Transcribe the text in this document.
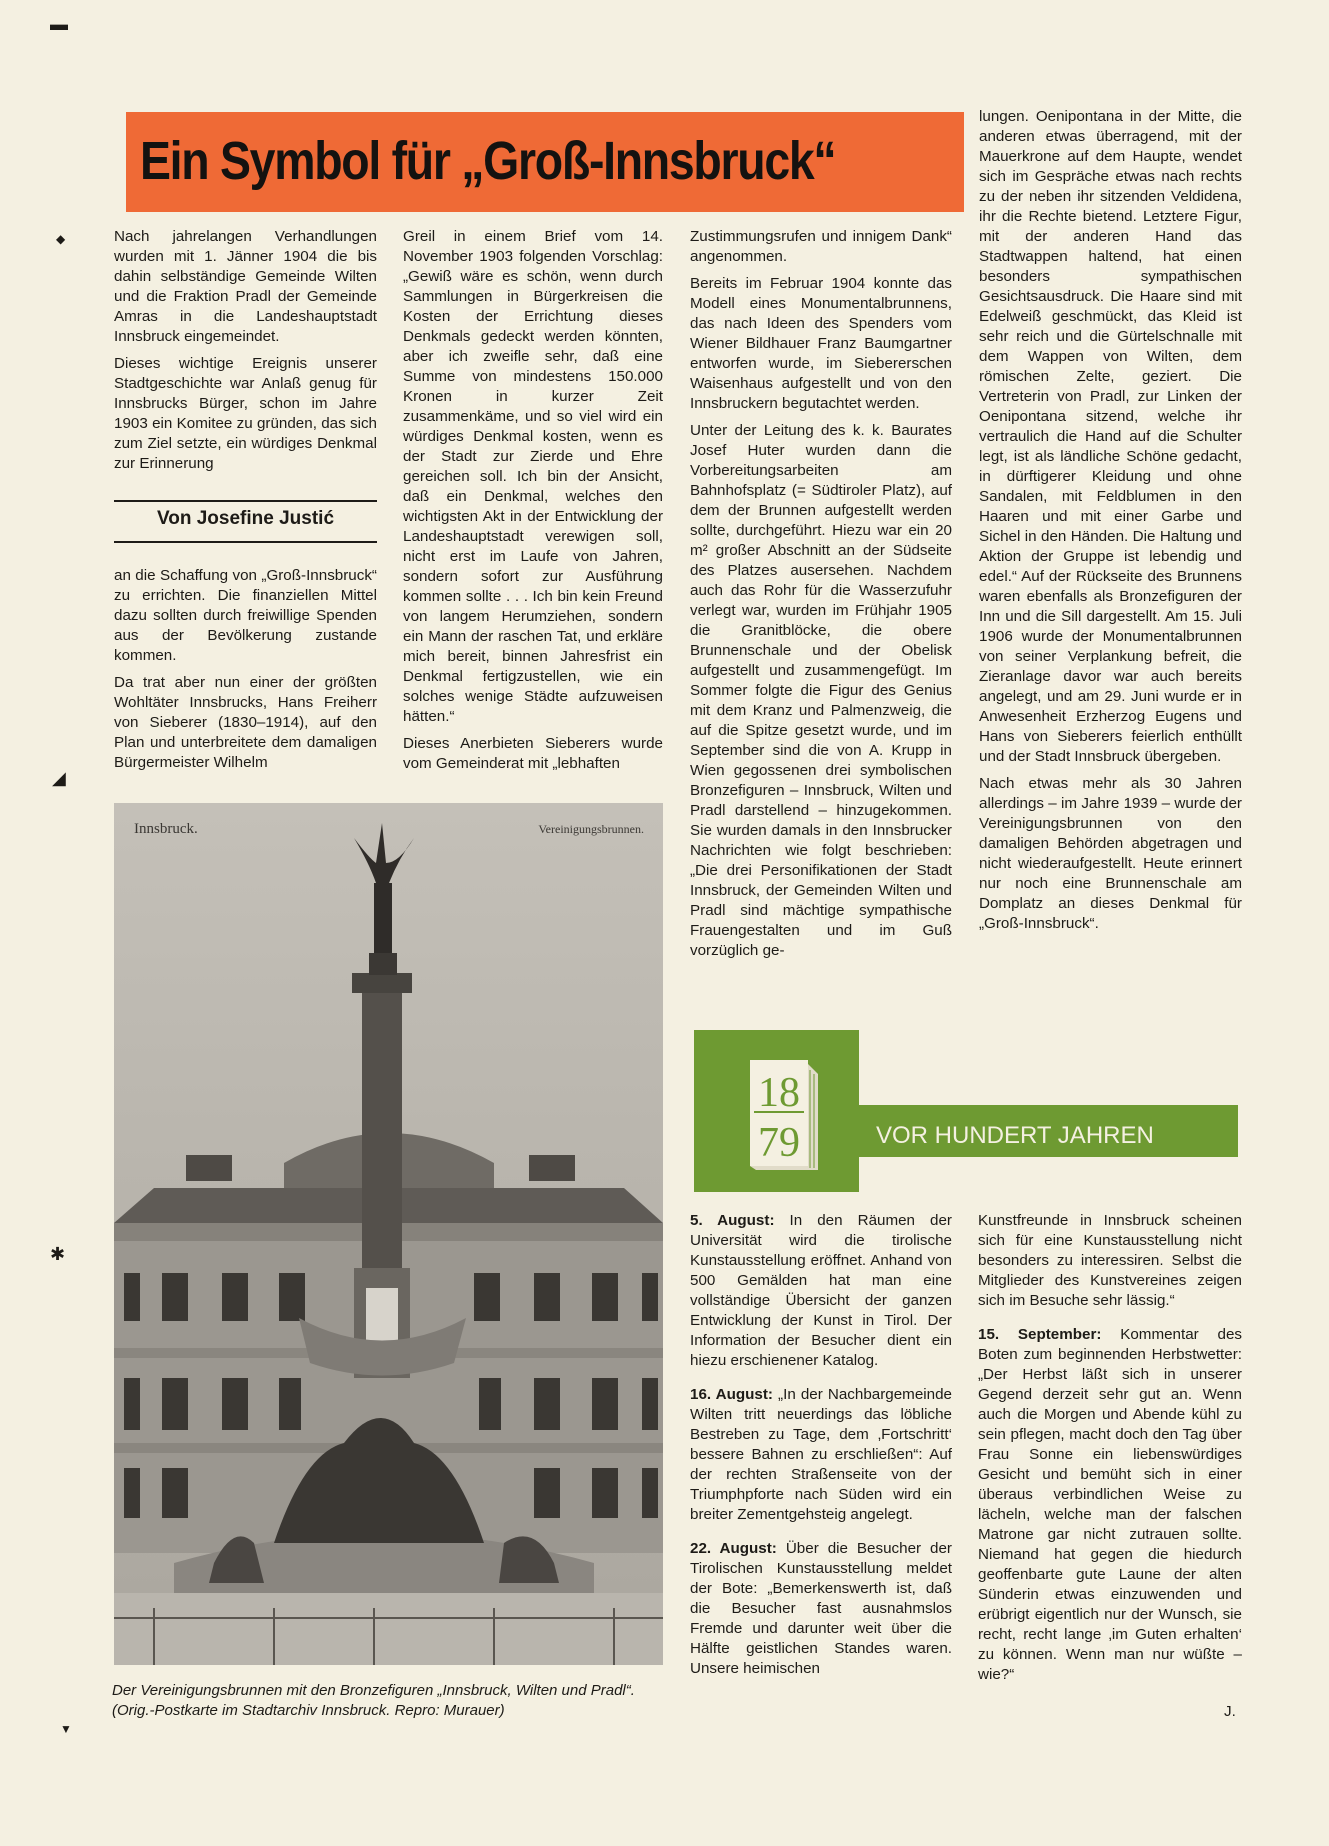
Ein Symbol für „Groß-Innsbruck“

Nach jahrelangen Verhandlungen wurden mit 1. Jänner 1904 die bis dahin selbständige Gemeinde Wilten und die Fraktion Pradl der Gemeinde Amras in die Landeshauptstadt Innsbruck eingemeindet.

Dieses wichtige Ereignis unserer Stadtgeschichte war Anlaß genug für Innsbrucks Bürger, schon im Jahre 1903 ein Komitee zu gründen, das sich zum Ziel setzte, ein würdiges Denkmal zur Erinnerung

Von Josefine Justić

an die Schaffung von „Groß-Innsbruck“ zu errichten. Die finanziellen Mittel dazu sollten durch freiwillige Spenden aus der Bevölkerung zustande kommen.

Da trat aber nun einer der größten Wohltäter Innsbrucks, Hans Freiherr von Sieberer (1830–1914), auf den Plan und unterbreitete dem damaligen Bürgermeister Wilhelm

Greil in einem Brief vom 14. November 1903 folgenden Vorschlag: „Gewiß wäre es schön, wenn durch Sammlungen in Bürgerkreisen die Kosten der Errichtung dieses Denkmals gedeckt werden könnten, aber ich zweifle sehr, daß eine Summe von mindestens 150.000 Kronen in kurzer Zeit zusammenkäme, und so viel wird ein würdiges Denkmal kosten, wenn es der Stadt zur Zierde und Ehre gereichen soll. Ich bin der Ansicht, daß ein Denkmal, welches den wichtigsten Akt in der Entwicklung der Landeshauptstadt verewigen soll, nicht erst im Laufe von Jahren, sondern sofort zur Ausführung kommen sollte . . . Ich bin kein Freund von langem Herumziehen, sondern ein Mann der raschen Tat, und erkläre mich bereit, binnen Jahresfrist ein Denkmal fertigzustellen, wie ein solches wenige Städte aufzuweisen hätten.“

Dieses Anerbieten Sieberers wurde vom Gemeinderat mit „lebhaften

Zustimmungsrufen und innigem Dank“ angenommen.

Bereits im Februar 1904 konnte das Modell eines Monumentalbrunnens, das nach Ideen des Spenders vom Wiener Bildhauer Franz Baumgartner entworfen wurde, im Siebererschen Waisenhaus aufgestellt und von den Innsbruckern begutachtet werden.

Unter der Leitung des k. k. Baurates Josef Huter wurden dann die Vorbereitungsarbeiten am Bahnhofsplatz (= Südtiroler Platz), auf dem der Brunnen aufgestellt werden sollte, durchgeführt. Hiezu war ein 20 m² großer Abschnitt an der Südseite des Platzes ausersehen. Nachdem auch das Rohr für die Wasserzufuhr verlegt war, wurden im Frühjahr 1905 die Granitblöcke, die obere Brunnenschale und der Obelisk aufgestellt und zusammengefügt. Im Sommer folgte die Figur des Genius mit dem Kranz und Palmenzweig, die auf die Spitze gesetzt wurde, und im September sind die von A. Krupp in Wien gegossenen drei symbolischen Bronzefiguren – Innsbruck, Wilten und Pradl darstellend – hinzugekommen. Sie wurden damals in den Innsbrucker Nachrichten wie folgt beschrieben: „Die drei Personifikationen der Stadt Innsbruck, der Gemeinden Wilten und Pradl sind mächtige sympathische Frauengestalten und im Guß vorzüglich ge-

lungen. Oenipontana in der Mitte, die anderen etwas überragend, mit der Mauerkrone auf dem Haupte, wendet sich im Gespräche etwas nach rechts zu der neben ihr sitzenden Veldidena, ihr die Rechte bietend. Letztere Figur, mit der anderen Hand das Stadtwappen haltend, hat einen besonders sympathischen Gesichtsausdruck. Die Haare sind mit Edelweiß geschmückt, das Kleid ist sehr reich und die Gürtelschnalle mit dem Wappen von Wilten, dem römischen Zelte, geziert. Die Vertreterin von Pradl, zur Linken der Oenipontana sitzend, welche ihr vertraulich die Hand auf die Schulter legt, ist als ländliche Schöne gedacht, in dürftigerer Kleidung und ohne Sandalen, mit Feldblumen in den Haaren und mit einer Garbe und Sichel in den Händen. Die Haltung und Aktion der Gruppe ist lebendig und edel.“ Auf der Rückseite des Brunnens waren ebenfalls als Bronzefiguren der Inn und die Sill dargestellt. Am 15. Juli 1906 wurde der Monumentalbrunnen von seiner Verplankung befreit, die Zieranlage davor war auch bereits angelegt, und am 29. Juni wurde er in Anwesenheit Erzherzog Eugens und Hans von Sieberers feierlich enthüllt und der Stadt Innsbruck übergeben.

Nach etwas mehr als 30 Jahren allerdings – im Jahre 1939 – wurde der Vereinigungsbrunnen von den damaligen Behörden abgetragen und nicht wiederaufgestellt. Heute erinnert nur noch eine Brunnenschale am Domplatz an dieses Denkmal für „Groß-Innsbruck“.

Innsbruck.	Vereinigungsbrunnen.
Der Vereinigungsbrunnen mit den Bronzefiguren „Innsbruck, Wilten und Pradl“. (Orig.-Postkarte im Stadtarchiv Innsbruck. Repro: Murauer)
18
79	VOR HUNDERT JAHREN

5. August: In den Räumen der Universität wird die tirolische Kunstausstellung eröffnet. Anhand von 500 Gemälden hat man eine vollständige Übersicht der ganzen Entwicklung der Kunst in Tirol. Der Information der Besucher dient ein hiezu erschienener Katalog.

16. August: „In der Nachbargemeinde Wilten tritt neuerdings das löbliche Bestreben zu Tage, dem ‚Fortschritt‘ bessere Bahnen zu erschließen“: Auf der rechten Straßenseite von der Triumphpforte nach Süden wird ein breiter Zementgehsteig angelegt.

22. August: Über die Besucher der Tirolischen Kunstausstellung meldet der Bote: „Bemerkenswerth ist, daß die Besucher fast ausnahmslos Fremde und darunter weit über die Hälfte geistlichen Standes waren. Unsere heimischen

Kunstfreunde in Innsbruck scheinen sich für eine Kunstausstellung nicht besonders zu interessiren. Selbst die Mitglieder des Kunstvereines zeigen sich im Besuche sehr lässig.“

15. September: Kommentar des Boten zum beginnenden Herbstwetter: „Der Herbst läßt sich in unserer Gegend derzeit sehr gut an. Wenn auch die Morgen und Abende kühl zu sein pflegen, macht doch den Tag über Frau Sonne ein liebenswürdiges Gesicht und bemüht sich in einer überaus verbindlichen Weise zu lächeln, welche man der falschen Matrone gar nicht zutrauen sollte. Niemand hat gegen die hiedurch geoffenbarte gute Laune der alten Sünderin etwas einzuwenden und erübrigt eigentlich nur der Wunsch, sie recht, recht lange ‚im Guten erhalten‘ zu können. Wenn man nur wüßte – wie?“

J.
▬
◆
◢
✱
▼
